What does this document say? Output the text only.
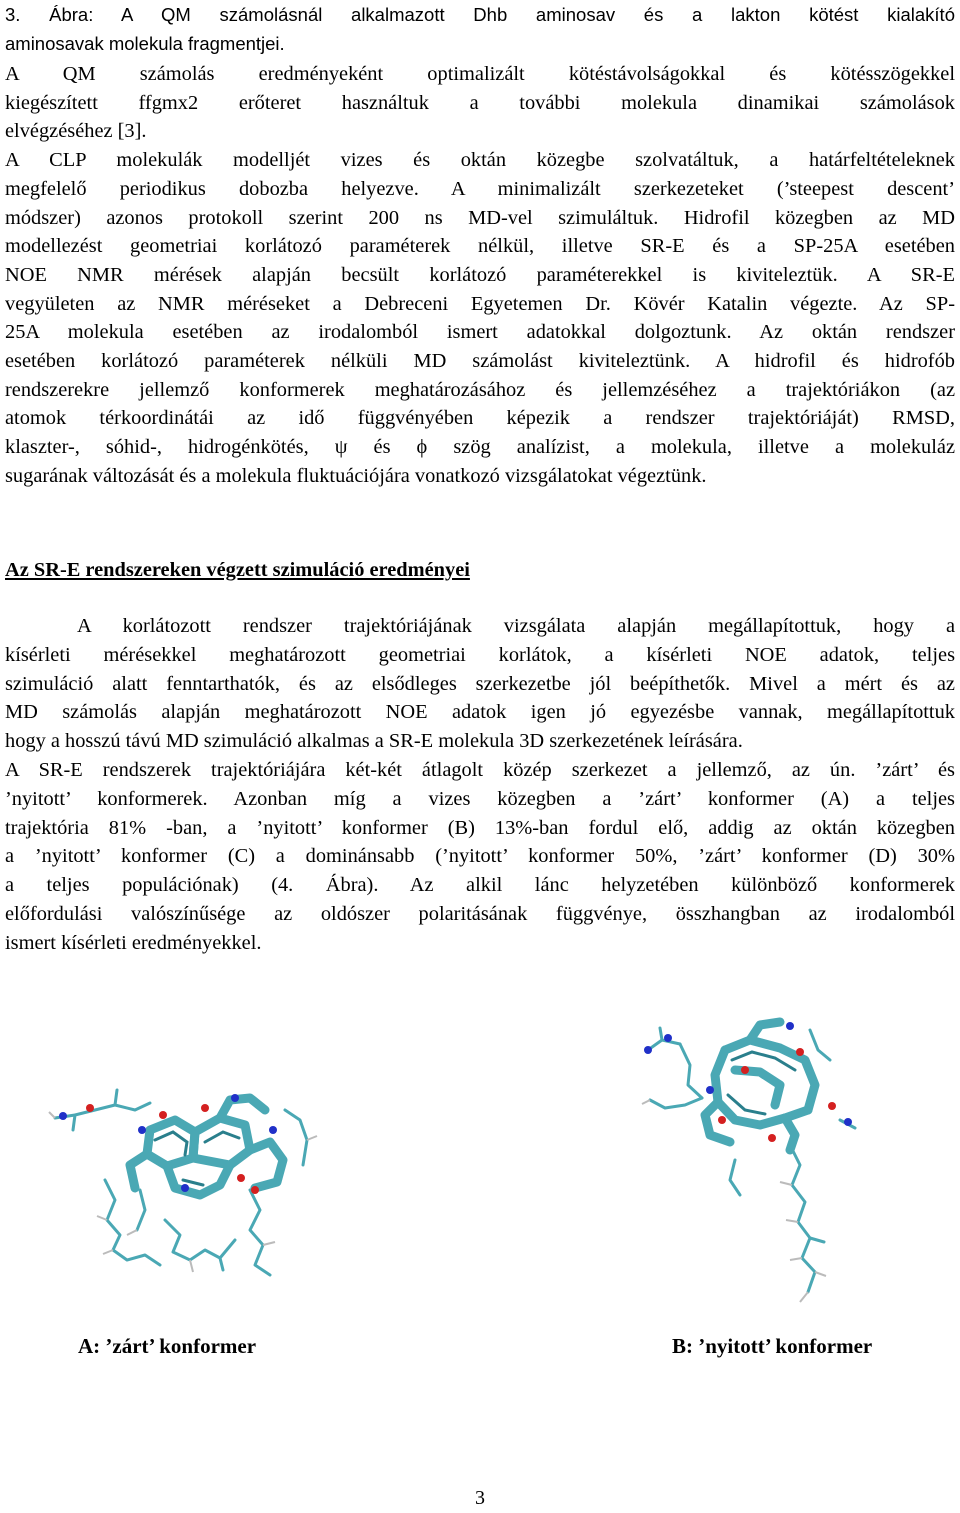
3. Ábra: A QM számolásnál alkalmazott Dhb aminosav és a lakton kötést kialakító
aminosavak molekula fragmentjei.

A QM számolás eredményeként optimalizált kötéstávolságokkal és kötésszögekkel
kiegészített ffgmx2 erőteret használtuk a további molekula dinamikai számolások
elvégzéséhez [3].

A CLP molekulák modelljét vizes és oktán közegbe szolvatáltuk, a határfeltételeknek
megfelelő periodikus dobozba helyezve. A minimalizált szerkezeteket (’steepest descent’
módszer) azonos protokoll szerint 200 ns MD-vel szimuláltuk. Hidrofil közegben az MD
modellezést geometriai korlátozó paraméterek nélkül, illetve SR-E és a SP-25A esetében
NOE NMR mérések alapján becsült korlátozó paraméterekkel is kiviteleztük. A SR-E
vegyületen az NMR méréseket a Debreceni Egyetemen Dr. Kövér Katalin végezte. Az SP-
25A molekula esetében az irodalomból ismert adatokkal dolgoztunk. Az oktán rendszer
esetében korlátozó paraméterek nélküli MD számolást kiviteleztünk. A hidrofil és hidrofób
rendszerekre jellemző konformerek meghatározásához és jellemzéséhez a trajektóriákon (az
atomok térkoordinátái az idő függvényében képezik a rendszer trajektóriáját) RMSD,
klaszter-, sóhid-, hidrogénkötés, ψ és ϕ szög analízist, a molekula, illetve a molekuláz
sugarának változását és a molekula fluktuációjára vonatkozó vizsgálatokat végeztünk.

Az SR-E rendszereken végzett szimuláció eredményei

A korlátozott rendszer trajektóriájának vizsgálata alapján megállapítottuk, hogy a
kísérleti mérésekkel meghatározott geometriai korlátok, a kísérleti NOE adatok, teljes
szimuláció alatt fenntarthatók, és az elsődleges szerkezetbe jól beépíthetők. Mivel a mért és az
MD számolás alapján meghatározott NOE adatok igen jó egyezésbe vannak, megállapítottuk
hogy a hosszú távú MD szimuláció alkalmas a SR-E molekula 3D szerkezetének leírására.

A SR-E rendszerek trajektóriájára két-két átlagolt közép szerkezet a jellemző, az ún. ’zárt’ és
’nyitott’ konformerek. Azonban míg a vizes közegben a ’zárt’ konformer (A) a teljes
trajektória 81% -ban, a ’nyitott’ konformer (B) 13%-ban fordul elő, addig az oktán közegben
a ’nyitott’ konformer (C) a dominánsabb (’nyitott’ konformer 50%, ’zárt’ konformer (D) 30%
a teljes populációnak) (4. Ábra). Az alkil lánc helyzetében különböző konformerek
előfordulási valószínűsége az oldószer polaritásának függvénye, összhangban az irodalomból
ismert kísérleti eredményekkel.

A: ’zárt’ konformer	B: ’nyitott’ konformer
3
